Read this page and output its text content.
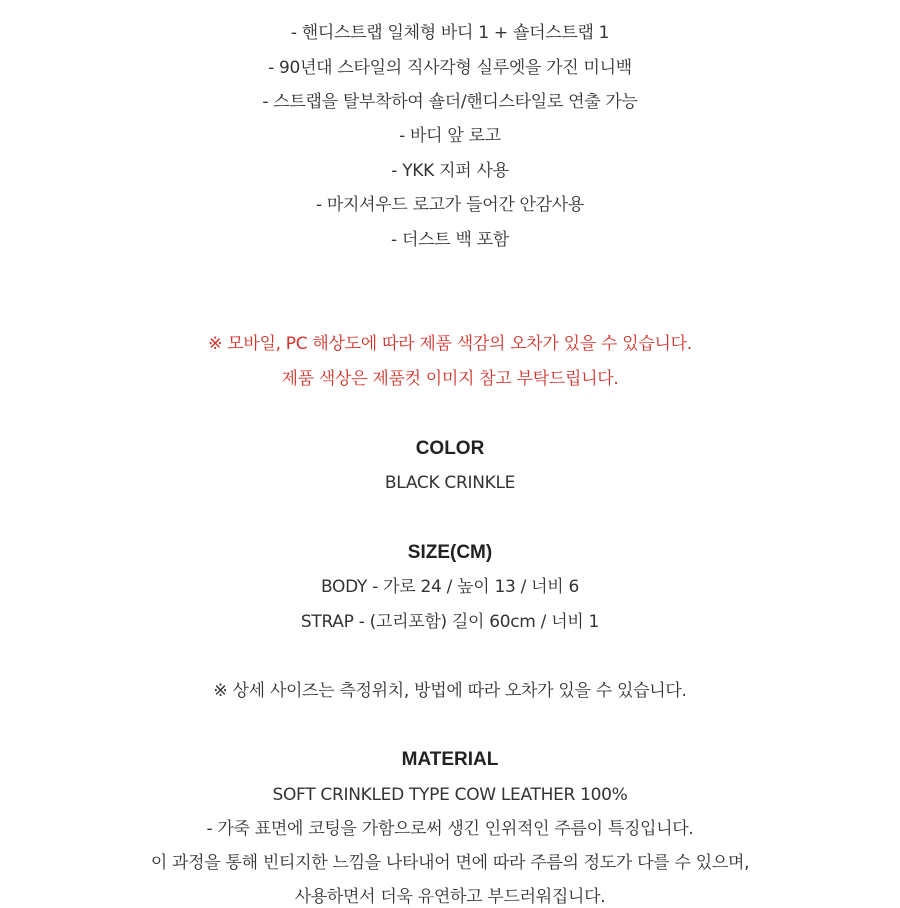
- 핸디스트랩 일체형 바디 1 + 숄더스트랩 1
- 90년대 스타일의 직사각형 실루엣을 가진 미니백
- 스트랩을 탈부착하여 숄더/핸디스타일로 연출 가능
- 바디 앞 로고
- YKK 지퍼 사용
- 마지셔우드 로고가 들어간 안감사용
- 더스트 백 포함
※ 모바일, PC 해상도에 따라 제품 색감의 오차가 있을 수 있습니다.
제품 색상은 제품컷 이미지 참고 부탁드립니다.
COLOR
BLACK CRINKLE
SIZE(CM)
BODY - 가로 24 / 높이 13 / 너비 6
STRAP - (고리포함) 길이 60cm / 너비 1
※ 상세 사이즈는 측정위치, 방법에 따라 오차가 있을 수 있습니다.
MATERIAL
SOFT CRINKLED TYPE COW LEATHER 100%
- 가죽 표면에 코팅을 가함으로써 생긴 인위적인 주름이 특징입니다.
이 과정을 통해 빈티지한 느낌을 나타내어 면에 따라 주름의 정도가 다를 수 있으며,
사용하면서 더욱 유연하고 부드러워집니다.
